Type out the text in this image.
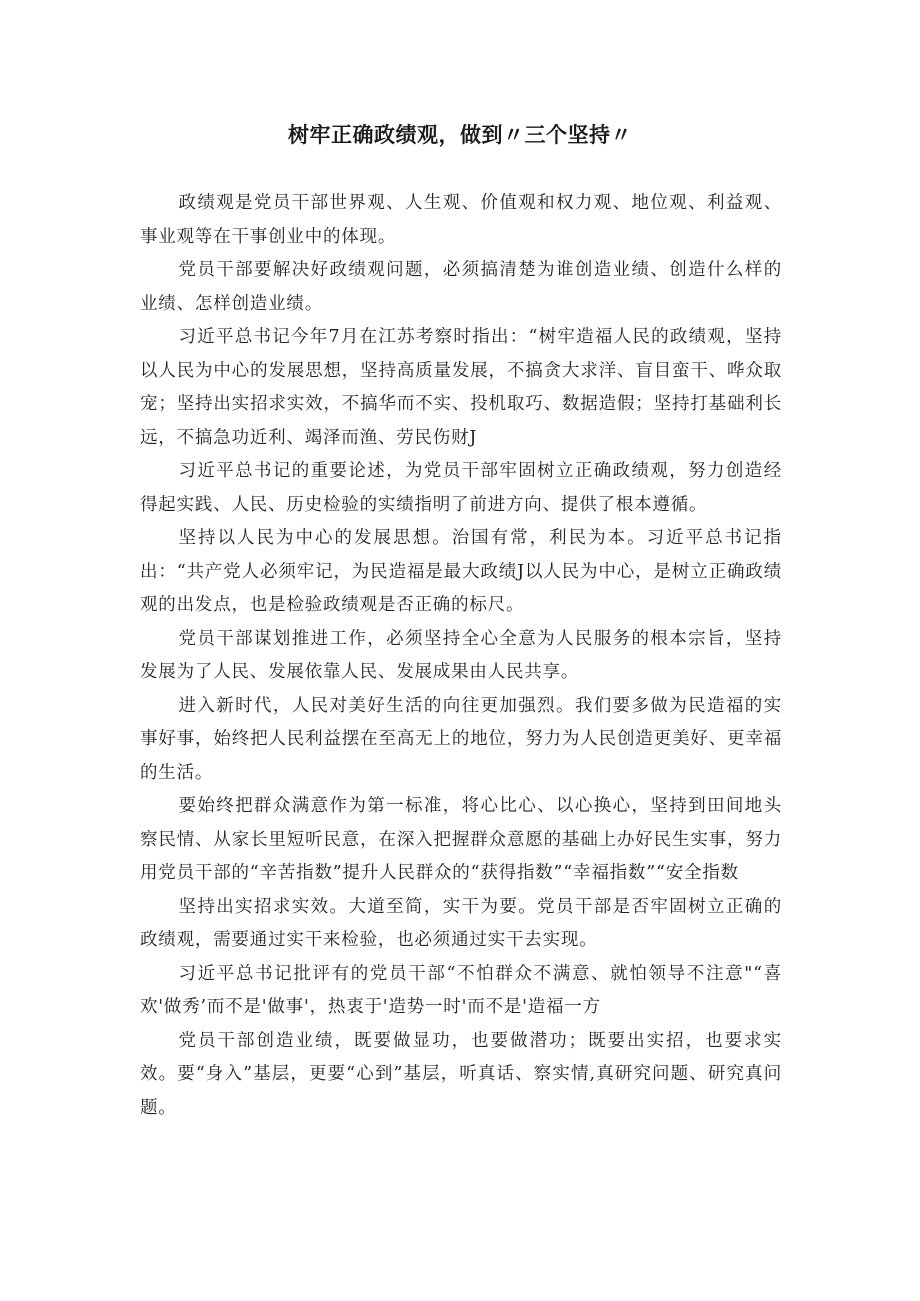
树牢正确政绩观，做到〃三个坚持〃

政绩观是党员干部世界观、人生观、价值观和权力观、地位观、利益观、事业观等在干事创业中的体现。

党员干部要解决好政绩观问题，必须搞清楚为谁创造业绩、创造什么样的业绩、怎样创造业绩。

习近平总书记今年7月在江苏考察时指出：“树牢造福人民的政绩观，坚持以人民为中心的发展思想，坚持高质量发展，不搞贪大求洋、盲目蛮干、哗众取宠；坚持出实招求实效，不搞华而不实、投机取巧、数据造假；坚持打基础利长远，不搞急功近利、竭泽而渔、劳民伤财J

习近平总书记的重要论述，为党员干部牢固树立正确政绩观，努力创造经得起实践、人民、历史检验的实绩指明了前进方向、提供了根本遵循。

坚持以人民为中心的发展思想。治国有常，利民为本。习近平总书记指出：“共产党人必须牢记，为民造福是最大政绩J以人民为中心，是树立正确政绩观的出发点，也是检验政绩观是否正确的标尺。

党员干部谋划推进工作，必须坚持全心全意为人民服务的根本宗旨，坚持发展为了人民、发展依靠人民、发展成果由人民共享。

进入新时代，人民对美好生活的向往更加强烈。我们要多做为民造福的实事好事，始终把人民利益摆在至高无上的地位，努力为人民创造更美好、更幸福的生活。

要始终把群众满意作为第一标准，将心比心、以心换心，坚持到田间地头察民情、从家长里短听民意，在深入把握群众意愿的基础上办好民生实事，努力用党员干部的“辛苦指数”提升人民群众的“获得指数”“幸福指数”“安全指数

坚持出实招求实效。大道至简，实干为要。党员干部是否牢固树立正确的政绩观，需要通过实干来检验，也必须通过实干去实现。

习近平总书记批评有的党员干部“不怕群众不满意、就怕领导不注意"“喜欢'做秀’而不是'做事'，热衷于'造势一时'而不是'造福一方

党员干部创造业绩，既要做显功，也要做潜功；既要出实招，也要求实效。要“身入”基层，更要“心到”基层，听真话、察实情,真研究问题、研究真问题。
